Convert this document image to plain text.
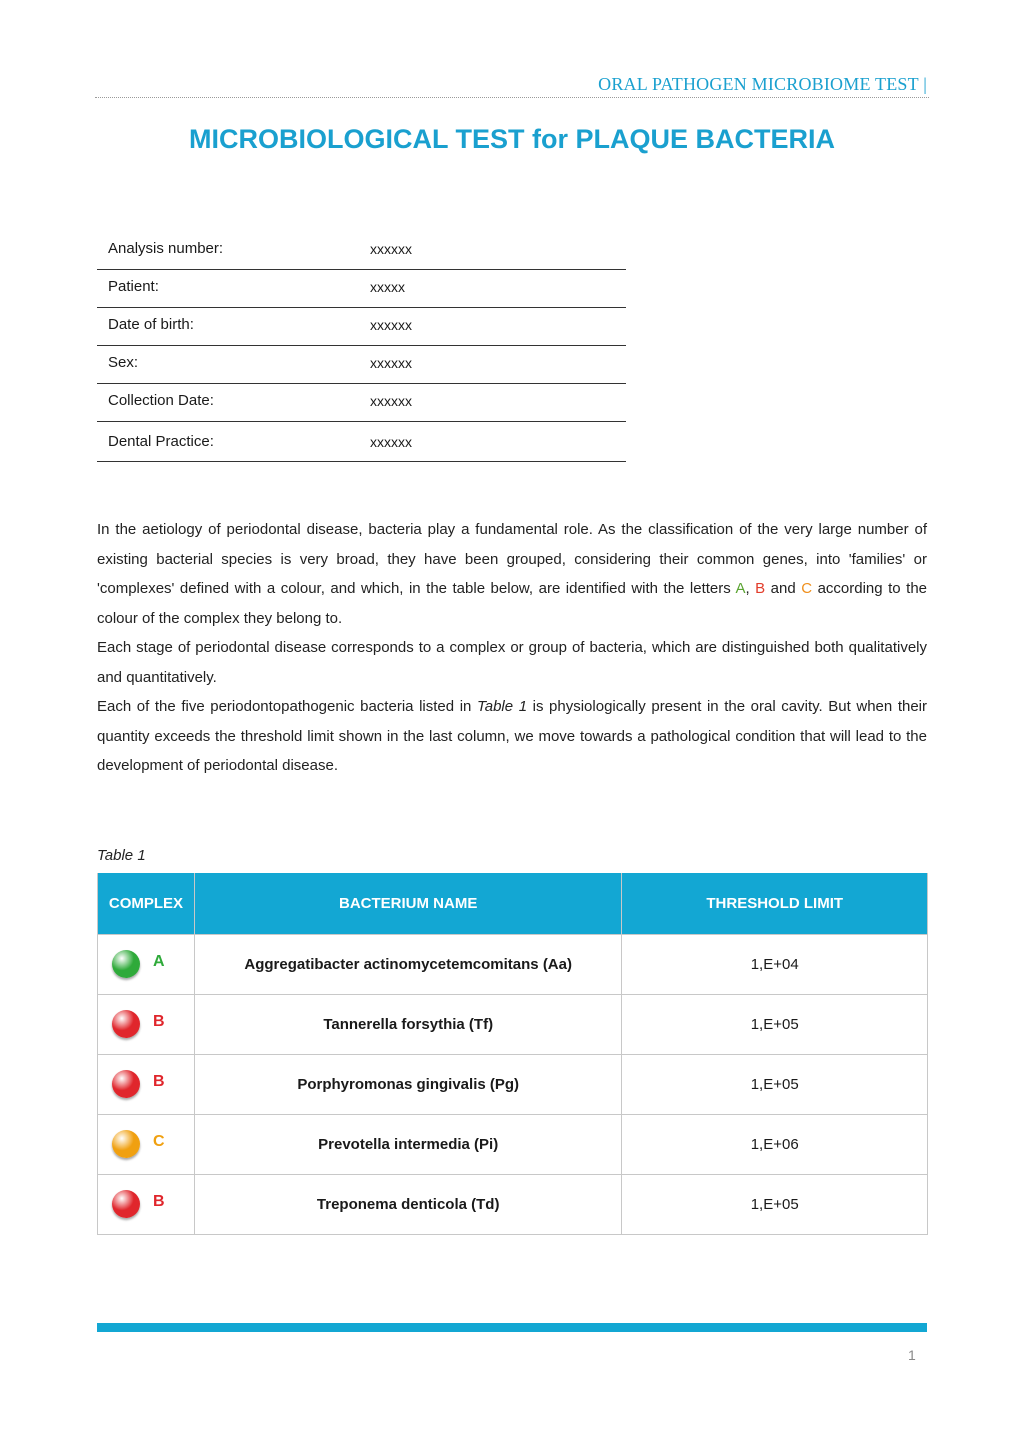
ORAL PATHOGEN MICROBIOME TEST |
MICROBIOLOGICAL TEST for PLAQUE BACTERIA
Analysis number:	xxxxxx
Patient:	xxxxx
Date of birth:	xxxxxx
Sex:	xxxxxx
Collection Date:	xxxxxx
Dental Practice:	xxxxxx

In the aetiology of periodontal disease, bacteria play a fundamental role. As the classification of the very large number of existing bacterial species is very broad, they have been grouped, considering their common genes, into 'families' or 'complexes' defined with a colour, and which, in the table below, are identified with the letters A, B and C according to the colour of the complex they belong to.

Each stage of periodontal disease corresponds to a complex or group of bacteria, which are distinguished both qualitatively and quantitatively.

Each of the five periodontopathogenic bacteria listed in Table 1 is physiologically present in the oral cavity. But when their quantity exceeds the threshold limit shown in the last column, we move towards a pathological condition that will lead to the development of periodontal disease.

Table 1
COMPLEX	BACTERIUM NAME	THRESHOLD LIMIT

A	Aggregatibacter actinomycetemcomitans (Aa)	1,E+04

B	Tannerella forsythia (Tf)	1,E+05

B	Porphyromonas gingivalis (Pg)	1,E+05

C	Prevotella intermedia (Pi)	1,E+06

B	Treponema denticola (Td)	1,E+05
1
